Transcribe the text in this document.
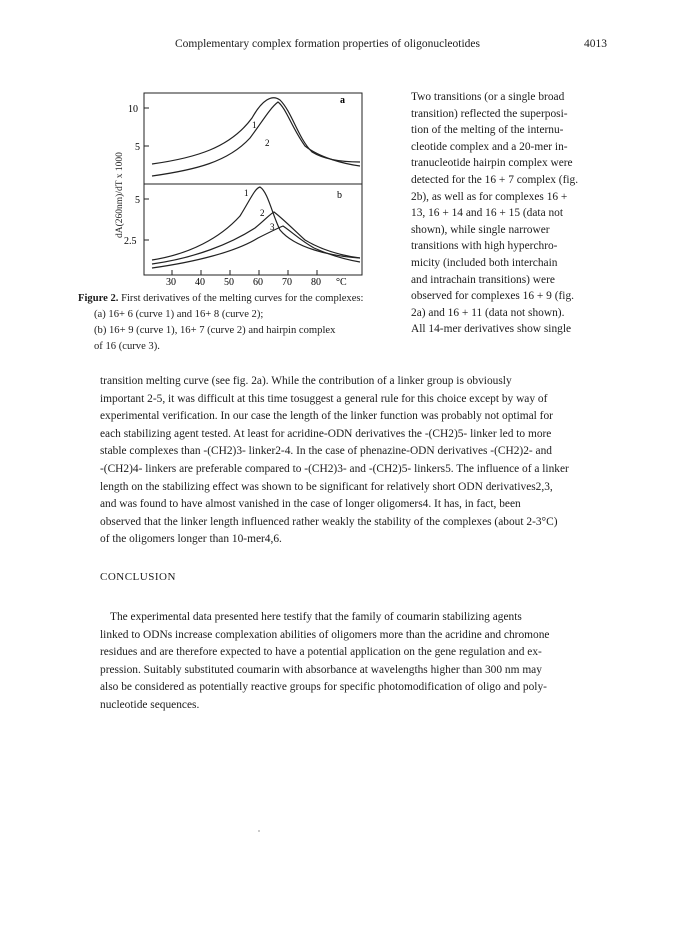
Complementary complex formation properties of oligonucleotides	4013
dA(260nm)/dT x 1000
10
5
a
5
2.5
b
30 40 50 60 70 80 °C
1
2
1
2
3
Figure 2. First derivatives of the melting curves for the complexes:
(a) 16+ 6 (curve 1) and 16+ 8 (curve 2);
(b) 16+ 9 (curve 1), 16+ 7 (curve 2) and hairpin complex
of 16 (curve 3).
Two transitions (or a single broad
transition) reflected the superposi-
tion of the melting of the internu-
cleotide complex and a 20-mer in-
tranucleotide hairpin complex were
detected for the 16 + 7 complex (fig.
2b), as well as for complexes 16 +
13, 16 + 14 and 16 + 15 (data not
shown), while single narrower
transitions with high hyperchro-
micity (included both interchain
and intrachain transitions) were
observed for complexes 16 + 9 (fig.
2a) and 16 + 11 (data not shown).
All 14-mer derivatives show single
transition melting curve (see fig. 2a). While the contribution of a linker group is obviously
important 2-5, it was difficult at this time tosuggest a general rule for this choice except by way of
experimental verification. In our case the length of the linker function was probably not optimal for
each stabilizing agent tested. At least for acridine-ODN derivatives the -(CH2)5- linker led to more
stable complexes than -(CH2)3- linker2-4. In the case of phenazine-ODN derivatives -(CH2)2- and
-(CH2)4- linkers are preferable compared to -(CH2)3- and -(CH2)5- linkers5. The influence of a linker
length on the stabilizing effect was shown to be significant for relatively short ODN derivatives2,3,
and was found to have almost vanished in the case of longer oligomers4. It has, in fact, been
observed that the linker length influenced rather weakly the stability of the complexes (about 2-3°C)
of the oligomers longer than 10-mer4,6.
CONCLUSION
The experimental data presented here testify that the family of coumarin stabilizing agents
linked to ODNs increase complexation abilities of oligomers more than the acridine and chromone
residues and are therefore expected to have a potential application on the gene regulation and ex-
pression. Suitably substituted coumarin with absorbance at wavelengths higher than 300 nm may
also be considered as potentially reactive groups for specific photomodification of oligo and poly-
nucleotide sequences.
